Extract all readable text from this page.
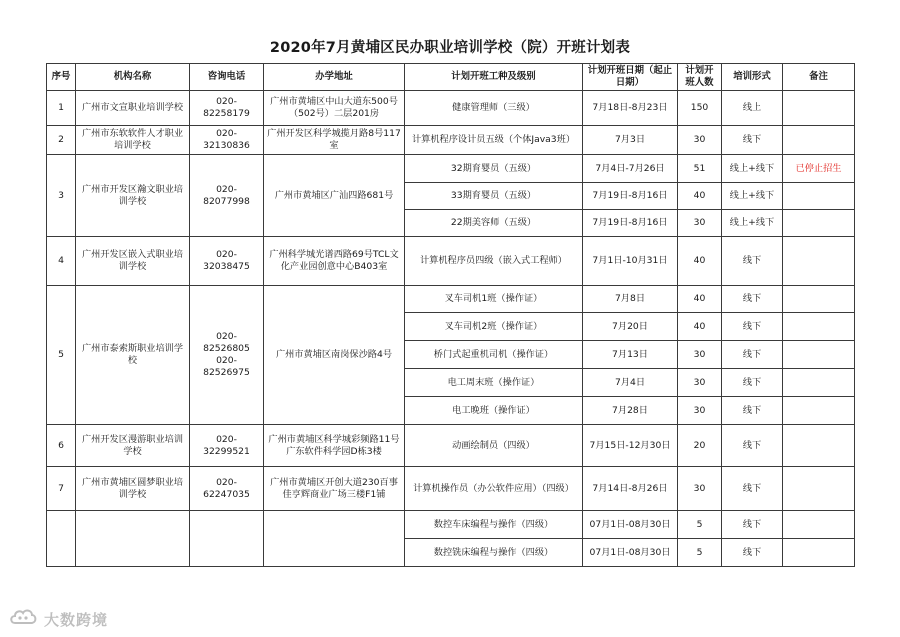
2020年7月黄埔区民办职业培训学校（院）开班计划表
序号	机构名称	咨询电话	办学地址	计划开班工种及级别	计划开班日期（起止日期）	计划开班人数	培训形式	备注
1	广州市文宣职业培训学校	020-82258179	广州市黄埔区中山大道东500号（502号）二层201房	健康管理师（三级）	7月18日-8月23日	150	线上	
2	广州市东软软件人才职业培训学校	020-32130836	广州开发区科学城揽月路8号117室	计算机程序设计员五级（个体Java3班）	7月3日	30	线下	
3	广州市开发区瀚文职业培训学校	020-82077998	广州市黄埔区广汕四路681号	32期育婴员（五级）	7月4日-7月26日	51	线上+线下	已停止招生
				33期育婴员（五级）	7月19日-8月16日	40	线上+线下	
				22期美容师（五级）	7月19日-8月16日	30	线上+线下	
4	广州开发区嵌入式职业培训学校	020-32038475	广州科学城光谱西路69号TCL文化产业园创意中心B403室	计算机程序员四级（嵌入式工程师）	7月1日-10月31日	40	线下	
5	广州市泰索斯职业培训学校	020-82526805 020-82526975	广州市黄埔区南岗保沙路4号	叉车司机1班（操作证）	7月8日	40	线下	
				叉车司机2班（操作证）	7月20日	40	线下	
				桥门式起重机司机（操作证）	7月13日	30	线下	
				电工周末班（操作证）	7月4日	30	线下	
				电工晚班（操作证）	7月28日	30	线下	
6	广州开发区漫游职业培训学校	020-32299521	广州市黄埔区科学城彩频路11号广东软件科学园D栋3楼	动画绘制员（四级）	7月15日-12月30日	20	线下	
7	广州市黄埔区圆梦职业培训学校	020-62247035	广州市黄埔区开创大道230百事佳亨辉商业广场三楼F1铺	计算机操作员（办公软件应用）（四级）	7月14日-8月26日	30	线下	
				数控车床编程与操作（四级）	07月1日-08月30日	5	线下	
				数控铣床编程与操作（四级）	07月1日-08月30日	5	线下	
大数跨境
